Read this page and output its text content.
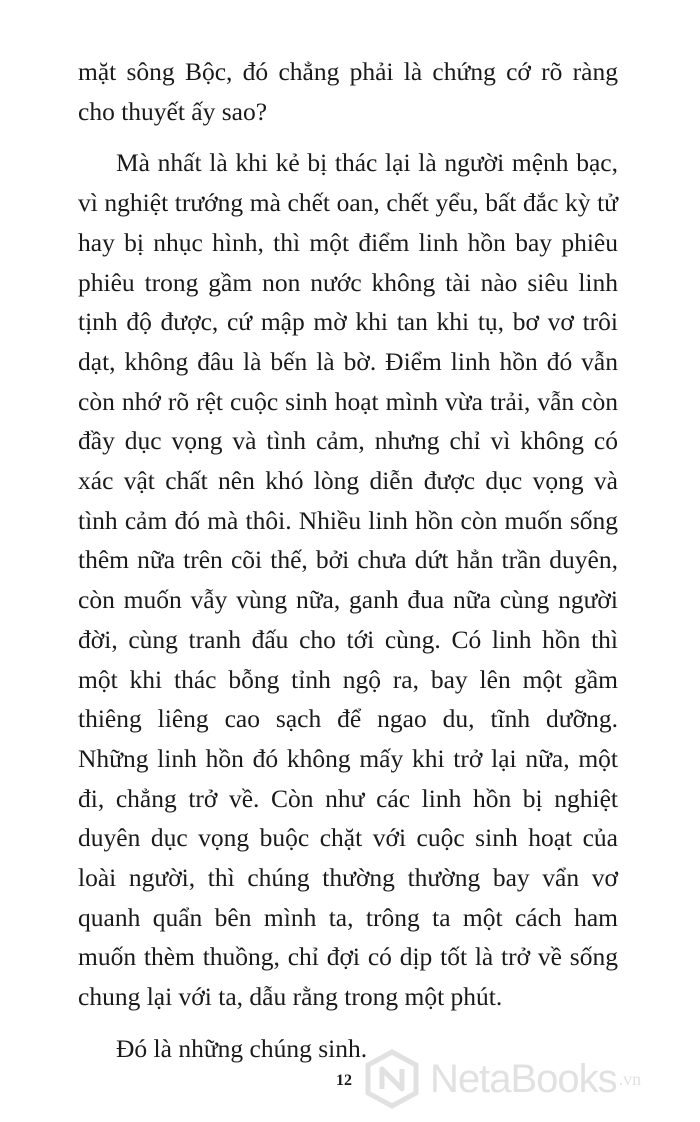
mặt sông Bộc, đó chẳng phải là chứng cớ rõ ràng cho thuyết ấy sao?

Mà nhất là khi kẻ bị thác lại là người mệnh bạc, vì nghiệt trướng mà chết oan, chết yểu, bất đắc kỳ tử hay bị nhục hình, thì một điểm linh hồn bay phiêu phiêu trong gầm non nước không tài nào siêu linh tịnh độ được, cứ mập mờ khi tan khi tụ, bơ vơ trôi dạt, không đâu là bến là bờ. Điểm linh hồn đó vẫn còn nhớ rõ rệt cuộc sinh hoạt mình vừa trải, vẫn còn đầy dục vọng và tình cảm, nhưng chỉ vì không có xác vật chất nên khó lòng diễn được dục vọng và tình cảm đó mà thôi. Nhiều linh hồn còn muốn sống thêm nữa trên cõi thế, bởi chưa dứt hẳn trần duyên, còn muốn vẫy vùng nữa, ganh đua nữa cùng người đời, cùng tranh đấu cho tới cùng. Có linh hồn thì một khi thác bỗng tỉnh ngộ ra, bay lên một gầm thiêng liêng cao sạch để ngao du, tĩnh dưỡng. Những linh hồn đó không mấy khi trở lại nữa, một đi, chẳng trở về. Còn như các linh hồn bị nghiệt duyên dục vọng buộc chặt với cuộc sinh hoạt của loài người, thì chúng thường thường bay vẩn vơ quanh quẩn bên mình ta, trông ta một cách ham muốn thèm thuồng, chỉ đợi có dịp tốt là trở về sống chung lại với ta, dẫu rằng trong một phút.

Đó là những chúng sinh.

12 NetaBooks .vn
